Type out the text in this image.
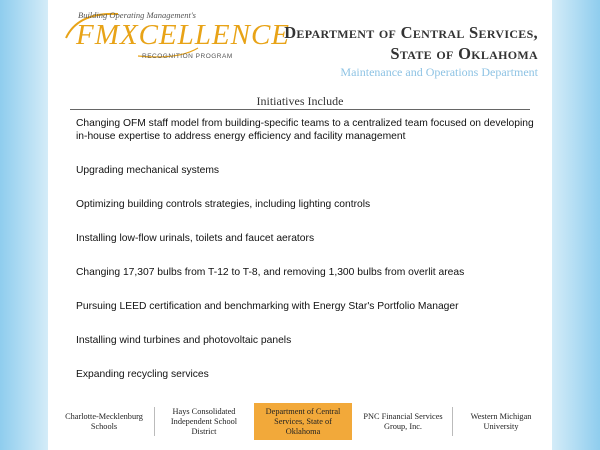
Building Operating Management's
FMXCELLENCE
RECOGNITION PROGRAM
Department of Central Services,
State of Oklahoma
Maintenance and Operations Department
Initiatives Include
Changing OFM staff model from building-specific teams to a centralized team focused on developing in-house expertise to address energy efficiency and facility management
Upgrading mechanical systems
Optimizing building controls strategies, including lighting controls
Installing low-flow urinals, toilets and faucet aerators
Changing 17,307 bulbs from T-12 to T-8, and removing 1,300 bulbs from overlit areas
Pursuing LEED certification and benchmarking with Energy Star's Portfolio Manager
Installing wind turbines and photovoltaic panels
Expanding recycling services
Charlotte-Mecklenburg Schools
Hays Consolidated Independent School District
Department of Central Services, State of Oklahoma
PNC Financial Services Group, Inc.
Western Michigan University
